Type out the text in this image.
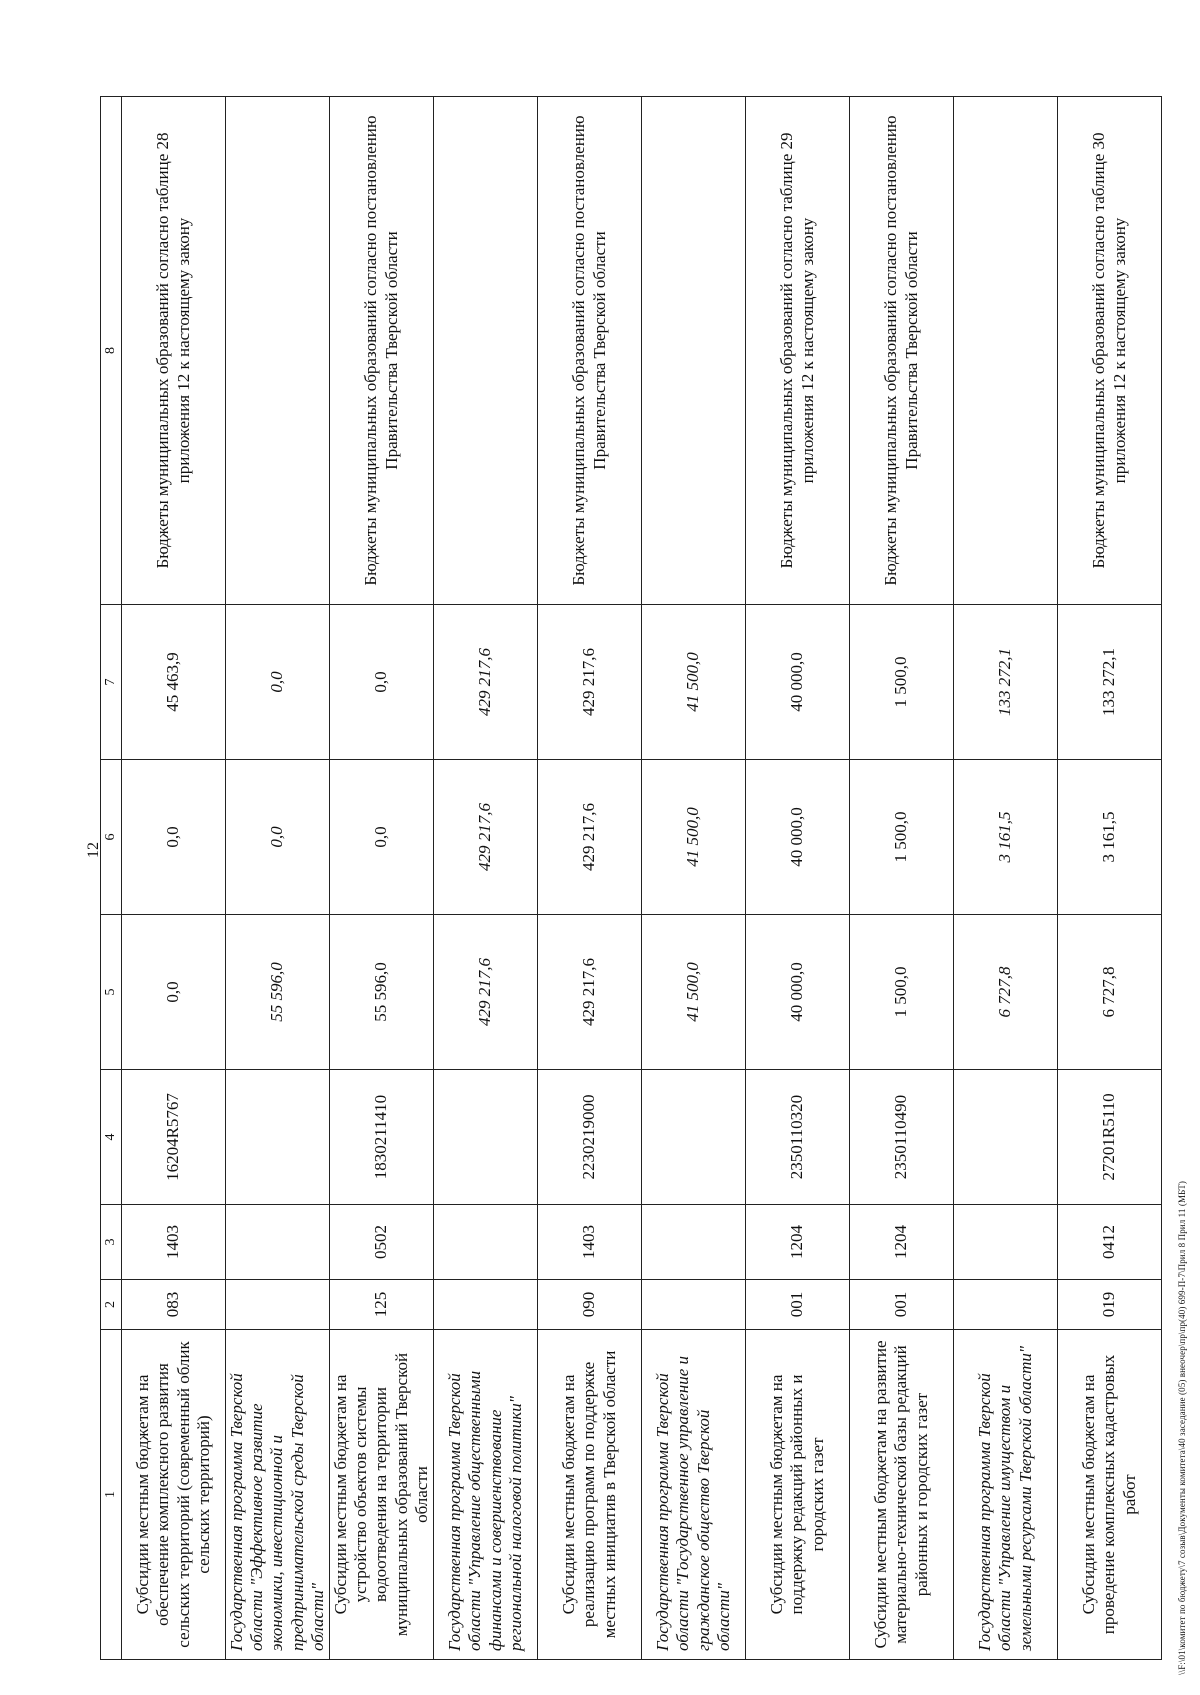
12
1	2	3	4	5	6	7	8
Субсидии местным бюджетам на обеспечение комплексного развития сельских территорий (современный облик сельских территорий)	083	1403	16204R5767	0,0	0,0	45 463,9	Бюджеты муниципальных образований согласно таблице 28 приложения 12 к настоящему закону
Государственная программа Тверской области "Эффективное развитие экономики, инвестиционной и предпринимательской среды Тверской области"				55 596,0	0,0	0,0	
Субсидии местным бюджетам на устройство объектов системы водоотведения на территории муниципальных образований Тверской области	125	0502	1830211410	55 596,0	0,0	0,0	Бюджеты муниципальных образований согласно постановлению Правительства Тверской области
Государственная программа Тверской области "Управление общественными финансами и совершенствование региональной налоговой политики"				429 217,6	429 217,6	429 217,6	
Субсидии местным бюджетам на реализацию программ по поддержке местных инициатив в Тверской области	090	1403	2230219000	429 217,6	429 217,6	429 217,6	Бюджеты муниципальных образований согласно постановлению Правительства Тверской области
Государственная программа Тверской области "Государственное управление и гражданское общество Тверской области"				41 500,0	41 500,0	41 500,0	
Субсидии местным бюджетам на поддержку редакций районных и городских газет	001	1204	2350110320	40 000,0	40 000,0	40 000,0	Бюджеты муниципальных образований согласно таблице 29 приложения 12 к настоящему закону
Субсидии местным бюджетам на развитие материально-технической базы редакций районных и городских газет	001	1204	2350110490	1 500,0	1 500,0	1 500,0	Бюджеты муниципальных образований согласно постановлению Правительства Тверской области
Государственная программа Тверской области "Управление имуществом и земельными ресурсами Тверской области"				6 727,8	3 161,5	133 272,1	
Субсидии местным бюджетам на проведение комплексных кадастровых работ	019	0412	27201R5110	6 727,8	3 161,5	133 272,1	Бюджеты муниципальных образований согласно таблице 30 приложения 12 к настоящему закону
\\F:\01\комитет по бюджету\7 созыв\Документы комитета\40 заседание (05) внеочер\пр\пр(40) 699-П-7\Прил 8 Прил 11 (МБТ)
